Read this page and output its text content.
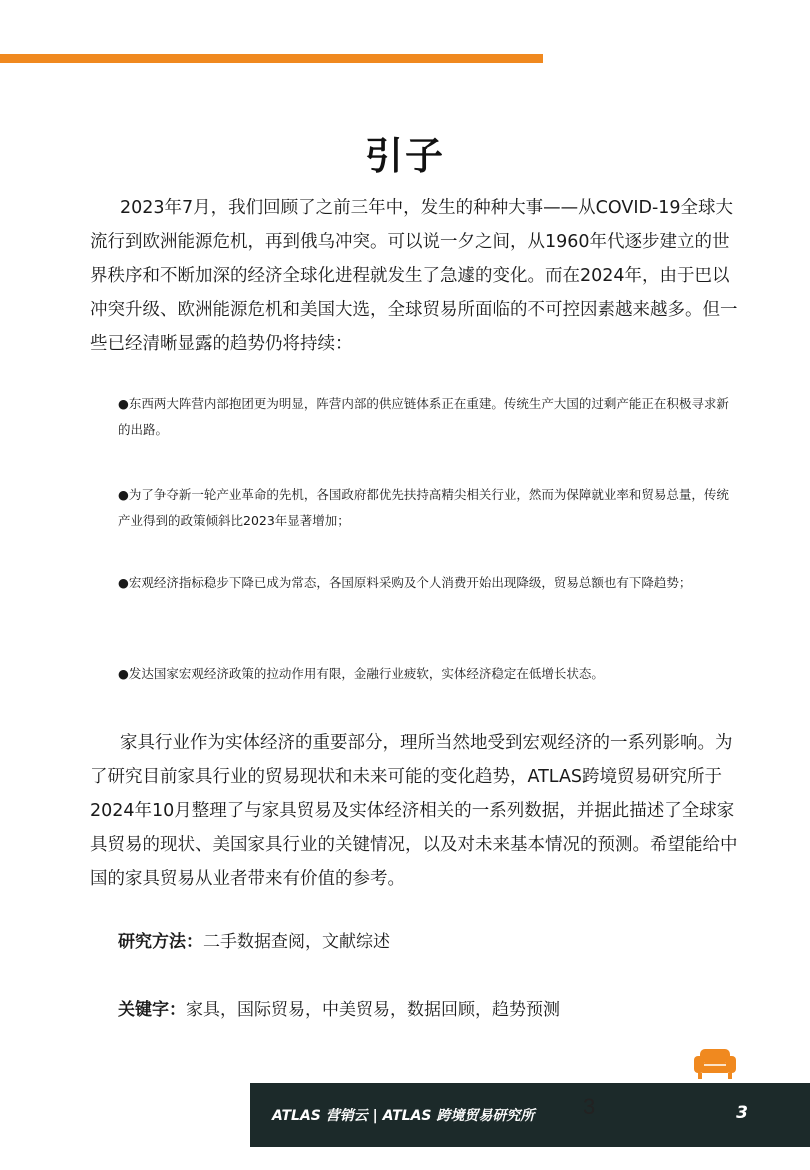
引子

2023年7月，我们回顾了之前三年中，发生的种种大事——从COVID-19全球大流行到欧洲能源危机，再到俄乌冲突。可以说一夕之间，从1960年代逐步建立的世界秩序和不断加深的经济全球化进程就发生了急遽的变化。而在2024年，由于巴以冲突升级、欧洲能源危机和美国大选，全球贸易所面临的不可控因素越来越多。但一些已经清晰显露的趋势仍将持续：

●东西两大阵营内部抱团更为明显，阵营内部的供应链体系正在重建。传统生产大国的过剩产能正在积极寻求新的出路。

●为了争夺新一轮产业革命的先机，各国政府都优先扶持高精尖相关行业，然而为保障就业率和贸易总量，传统产业得到的政策倾斜比2023年显著增加；

●宏观经济指标稳步下降已成为常态，各国原料采购及个人消费开始出现降级，贸易总额也有下降趋势；

●发达国家宏观经济政策的拉动作用有限，金融行业疲软，实体经济稳定在低增长状态。

家具行业作为实体经济的重要部分，理所当然地受到宏观经济的一系列影响。为了研究目前家具行业的贸易现状和未来可能的变化趋势，ATLAS跨境贸易研究所于2024年10月整理了与家具贸易及实体经济相关的一系列数据，并据此描述了全球家具贸易的现状、美国家具行业的关键情况，以及对未来基本情况的预测。希望能给中国的家具贸易从业者带来有价值的参考。

研究方法：二手数据查阅，文献综述

关键字：家具，国际贸易，中美贸易，数据回顾，趋势预测

ATLAS 营销云 | ATLAS 跨境贸易研究所	3
3
